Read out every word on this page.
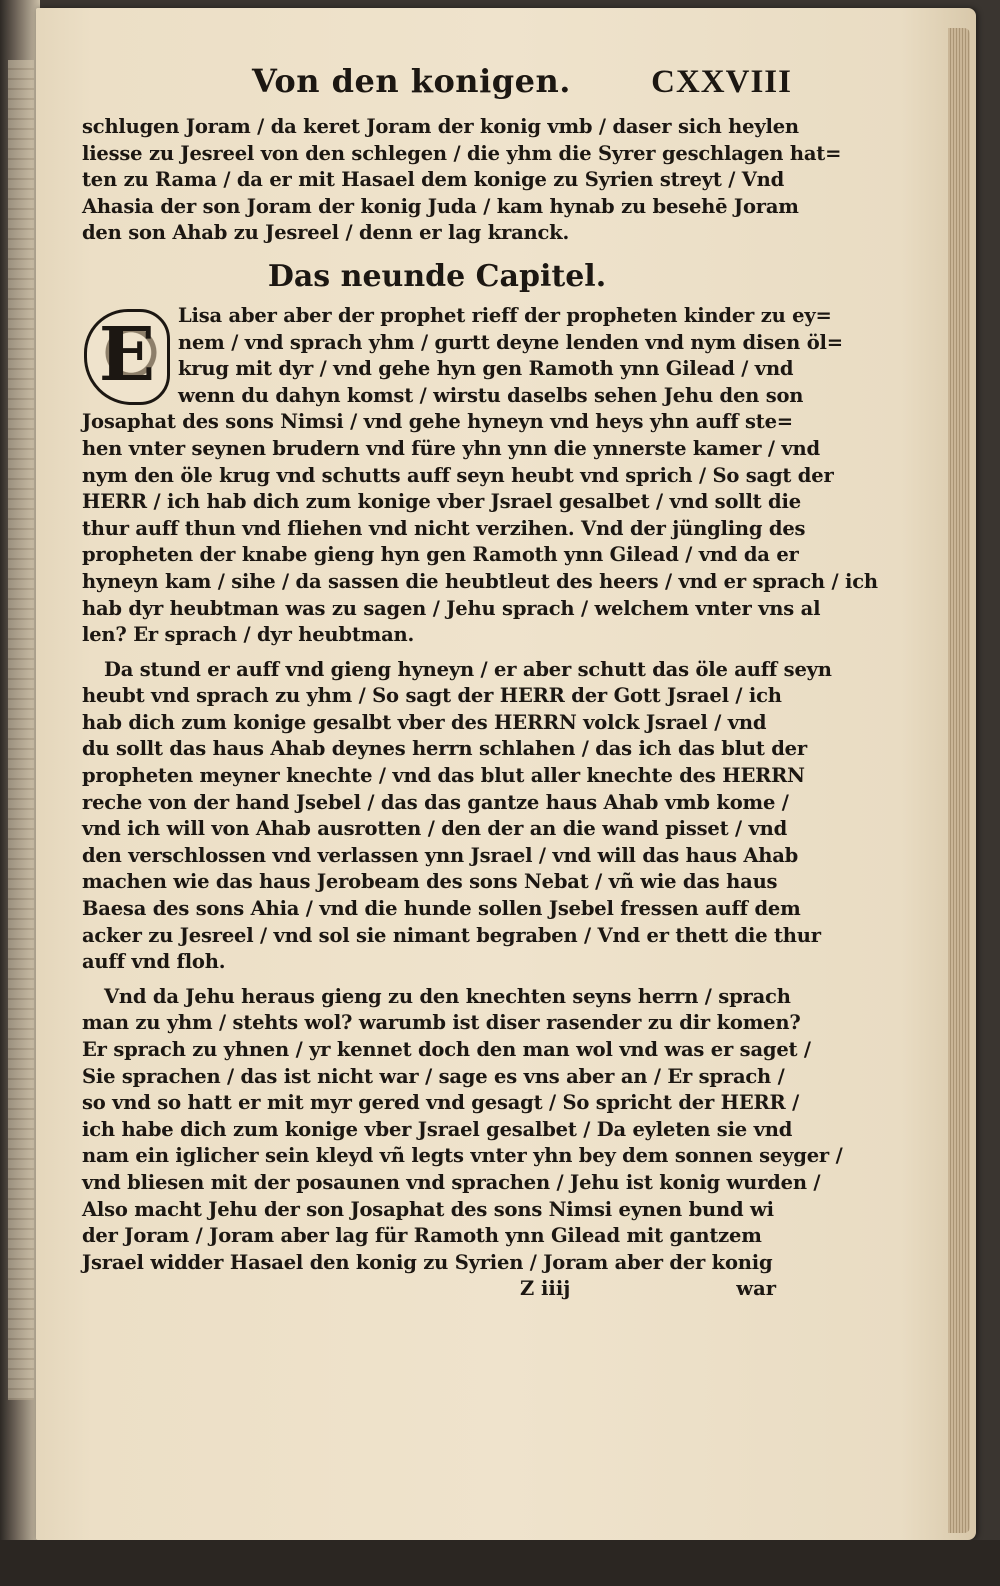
Von den konigen. CXXVIII
schlugen Joram / da keret Joram der konig vmb / daser sich heylen
liesse zu Jesreel von den schlegen / die yhm die Syrer geschlagen hat=
ten zu Rama / da er mit Hasael dem konige zu Syrien streyt / Vnd
Ahasia der son Joram der konig Juda / kam hynab zu besehē Joram
den son Ahab zu Jesreel / denn er lag kranck.
Das neunde Capitel.
E	Lisa aber aber der prophet rieff der propheten kinder zu ey=
nem / vnd sprach yhm / gurtt deyne lenden vnd nym disen öl=
krug mit dyr / vnd gehe hyn gen Ramoth ynn Gilead / vnd
wenn du dahyn komst / wirstu daselbs sehen Jehu den son
Josaphat des sons Nimsi / vnd gehe hyneyn vnd heys yhn auff ste=
hen vnter seynen brudern vnd füre yhn ynn die ynnerste kamer / vnd
nym den öle krug vnd schutts auff seyn heubt vnd sprich / So sagt der
HERR / ich hab dich zum konige vber Jsrael gesalbet / vnd sollt die
thur auff thun vnd fliehen vnd nicht verzihen. Vnd der jüngling des
propheten der knabe gieng hyn gen Ramoth ynn Gilead / vnd da er
hyneyn kam / sihe / da sassen die heubtleut des heers / vnd er sprach / ich
hab dyr heubtman was zu sagen / Jehu sprach / welchem vnter vns al
len? Er sprach / dyr heubtman.
Da stund er auff vnd gieng hyneyn / er aber schutt das öle auff seyn
heubt vnd sprach zu yhm / So sagt der HERR der Gott Jsrael / ich
hab dich zum konige gesalbt vber des HERRN volck Jsrael / vnd
du sollt das haus Ahab deynes herrn schlahen / das ich das blut der
propheten meyner knechte / vnd das blut aller knechte des HERRN
reche von der hand Jsebel / das das gantze haus Ahab vmb kome /
vnd ich will von Ahab ausrotten / den der an die wand pisset / vnd
den verschlossen vnd verlassen ynn Jsrael / vnd will das haus Ahab
machen wie das haus Jerobeam des sons Nebat / vñ wie das haus
Baesa des sons Ahia / vnd die hunde sollen Jsebel fressen auff dem
acker zu Jesreel / vnd sol sie nimant begraben / Vnd er thett die thur
auff vnd floh.
Vnd da Jehu heraus gieng zu den knechten seyns herrn / sprach
man zu yhm / stehts wol? warumb ist diser rasender zu dir komen?
Er sprach zu yhnen / yr kennet doch den man wol vnd was er saget /
Sie sprachen / das ist nicht war / sage es vns aber an / Er sprach /
so vnd so hatt er mit myr gered vnd gesagt / So spricht der HERR /
ich habe dich zum konige vber Jsrael gesalbet / Da eyleten sie vnd
nam ein iglicher sein kleyd vñ legts vnter yhn bey dem sonnen seyger /
vnd bliesen mit der posaunen vnd sprachen / Jehu ist konig wurden /
Also macht Jehu der son Josaphat des sons Nimsi eynen bund wi
der Joram / Joram aber lag für Ramoth ynn Gilead mit gantzem
Jsrael widder Hasael den konig zu Syrien / Joram aber der konig
Z iiij	war
